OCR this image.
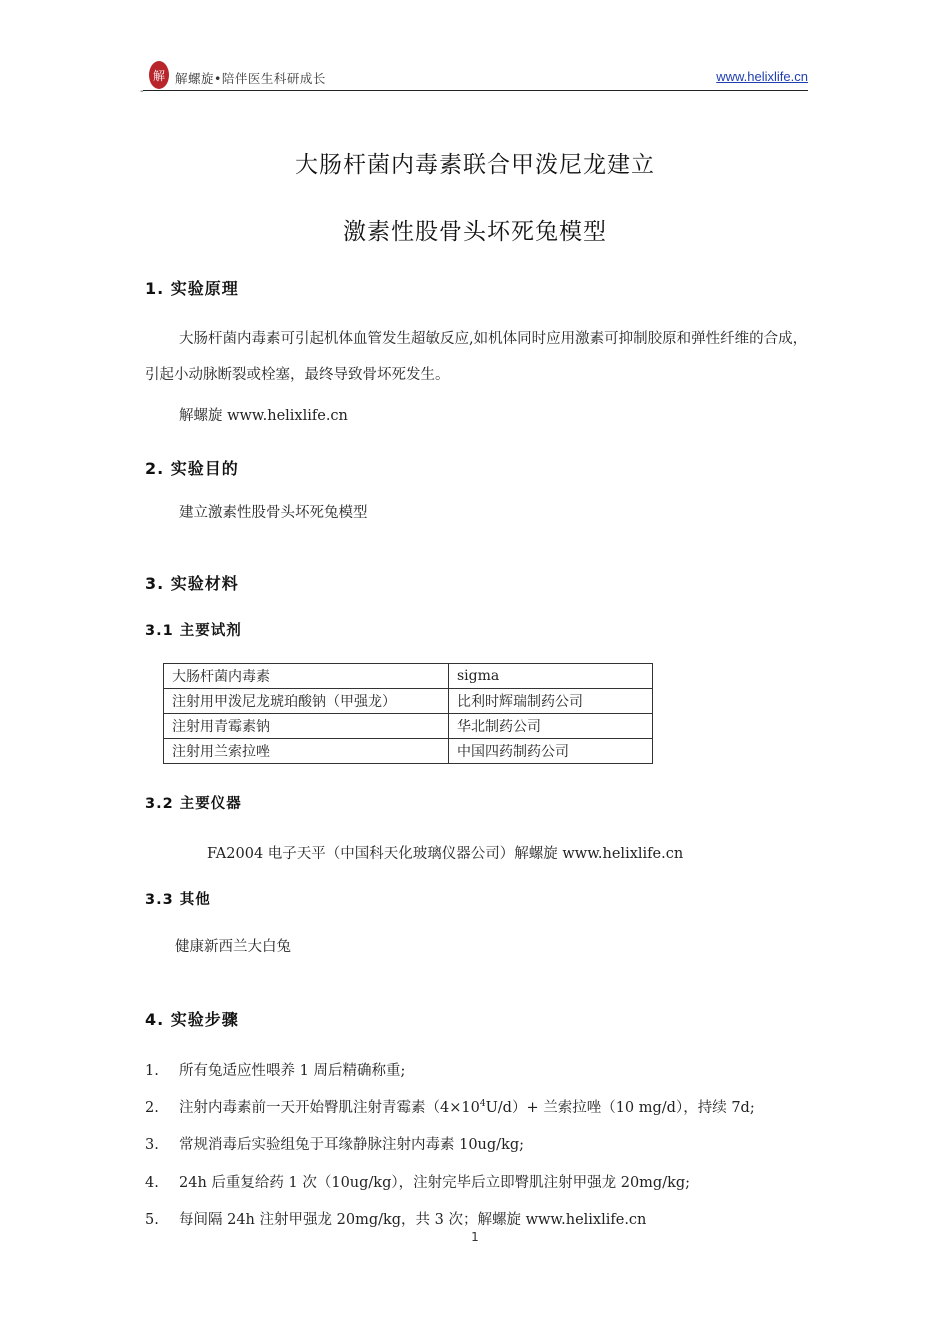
解 解螺旋•陪伴医生科研成长	www.helixlife.cn
-
大肠杆菌内毒素联合甲泼尼龙建立
激素性股骨头坏死兔模型
1. 实验原理
大肠杆菌内毒素可引起机体血管发生超敏反应,如机体同时应用激素可抑制胶原和弹性纤维的合成，引起小动脉断裂或栓塞，最终导致骨坏死发生。
解螺旋 www.helixlife.cn
2. 实验目的
建立激素性股骨头坏死兔模型
3. 实验材料
3.1 主要试剂
大肠杆菌内毒素	sigma
注射用甲泼尼龙琥珀酸钠（甲强龙）	比利时辉瑞制药公司
注射用青霉素钠	华北制药公司
注射用兰索拉唑	中国四药制药公司
3.2 主要仪器
FA2004 电子天平（中国科天化玻璃仪器公司）解螺旋 www.helixlife.cn
3.3 其他
健康新西兰大白兔
4. 实验步骤
1. 所有兔适应性喂养 1 周后精确称重;
2. 注射内毒素前一天开始臀肌注射青霉素$(4\times 10^4U/d)+$ 兰索拉唑（10 mg/d），持续 7d;
3. 常规消毒后实验组兔于耳缘静脉注射内毒素 10ug/kg;
4. 24h 后重复给药 1 次（10ug/kg），注射完毕后立即臀肌注射甲强龙 20mg/kg;
5. 每间隔 24h 注射甲强龙 20mg/kg，共 3 次；解螺旋 www.helixlife.cn
1
